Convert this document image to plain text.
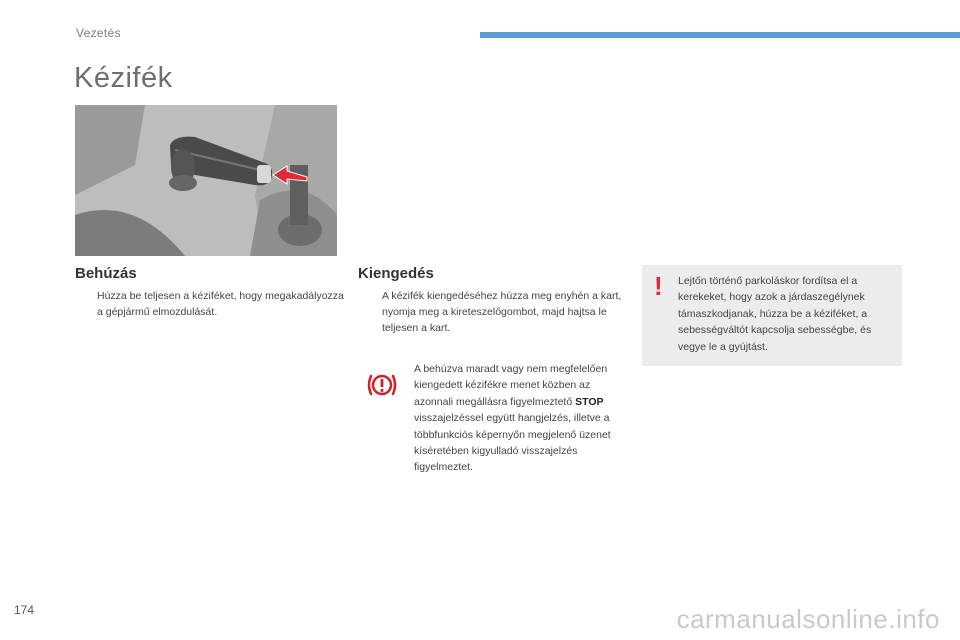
Vezetés
Kézifék
Behúzás
Húzza be teljesen a kéziféket, hogy megakadályozza a gépjármű elmozdulását.
Kiengedés
A kézifék kiengedéséhez húzza meg enyhén a kart, nyomja meg a kireteszelőgombot, majd hajtsa le teljesen a kart.
A behúzva maradt vagy nem megfelelően kiengedett kézifékre menet közben az azonnali megállásra figyelmeztető STOP visszajelzéssel együtt hangjelzés, illetve a többfunkciós képernyőn megjelenő üzenet kíséretében kigyulladó visszajelzés figyelmeztet.
! Lejtőn történő parkoláskor fordítsa el a kerekeket, hogy azok a járdaszegélynek támaszkodjanak, húzza be a kéziféket, a sebességváltót kapcsolja sebességbe, és vegye le a gyújtást.
174	carmanualsonline.info
